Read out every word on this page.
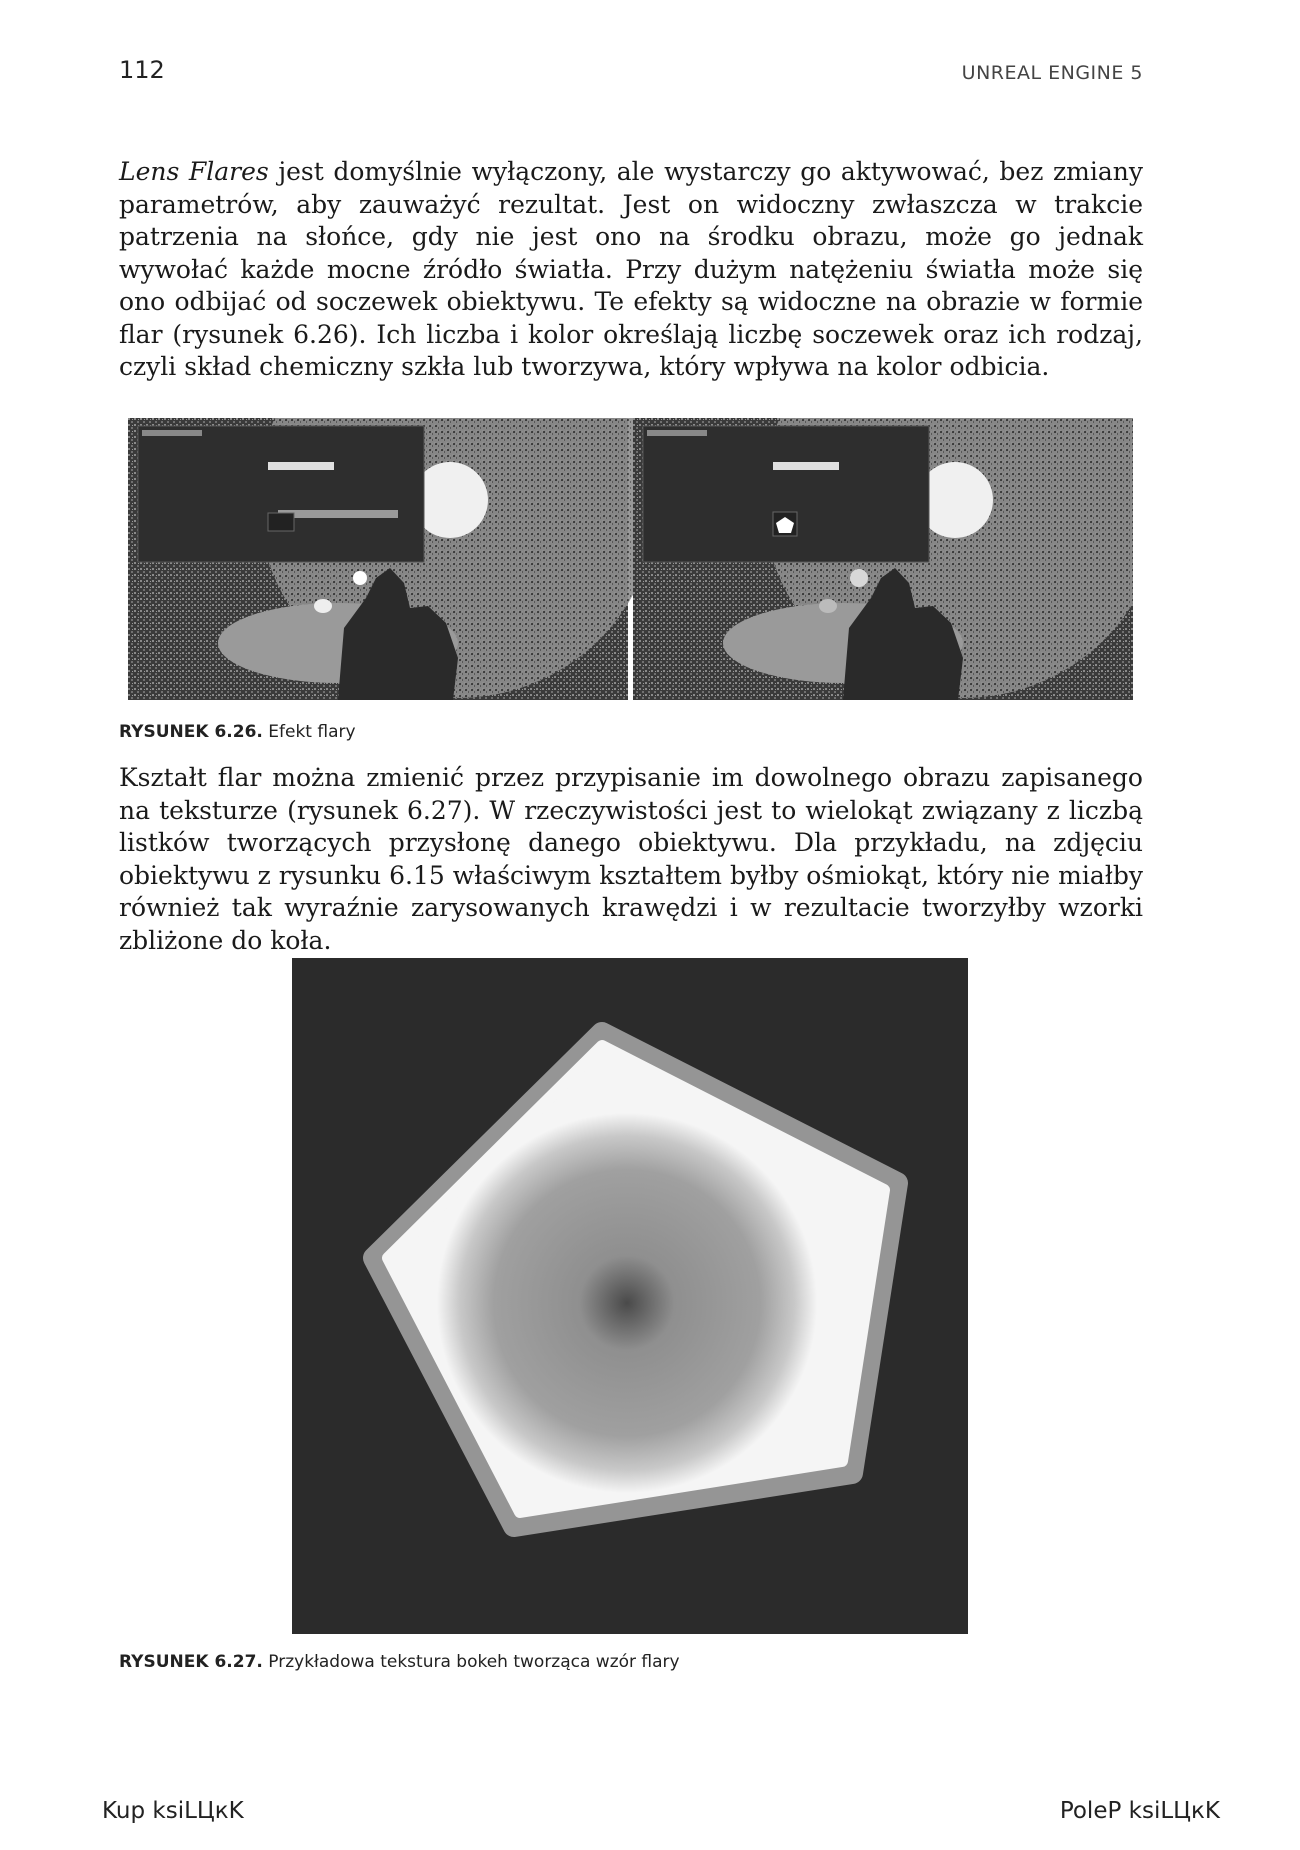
112	UNREAL ENGINE 5

Lens Flares jest domyślnie wyłączony, ale wystarczy go aktywować, bez zmiany parametrów, aby zauważyć rezultat. Jest on widoczny zwłaszcza w trakcie patrzenia na słońce, gdy nie jest ono na środku obrazu, może go jednak wywołać każde mocne źródło światła. Przy dużym natężeniu światła może się ono odbijać od soczewek obiektywu. Te efekty są widoczne na obrazie w formie flar (rysunek 6.26). Ich liczba i kolor określają liczbę soczewek oraz ich rodzaj, czyli skład chemiczny szkła lub tworzywa, który wpływa na kolor odbicia.

RYSUNEK 6.26. Efekt flary

Kształt flar można zmienić przez przypisanie im dowolnego obrazu zapisanego na teksturze (rysunek 6.27). W rzeczywistości jest to wielokąt związany z liczbą listków tworzących przysłonę danego obiektywu. Dla przykładu, na zdjęciu obiektywu z rysunku 6.15 właściwym kształtem byłby ośmiokąt, który nie miałby również tak wyraźnie zarysowanych krawędzi i w rezultacie tworzyłby wzorki zbliżone do koła.

RYSUNEK 6.27. Przykładowa tekstura bokeh tworząca wzór flary
Kup ksiLЦкK	PoleP ksiLЦкK
